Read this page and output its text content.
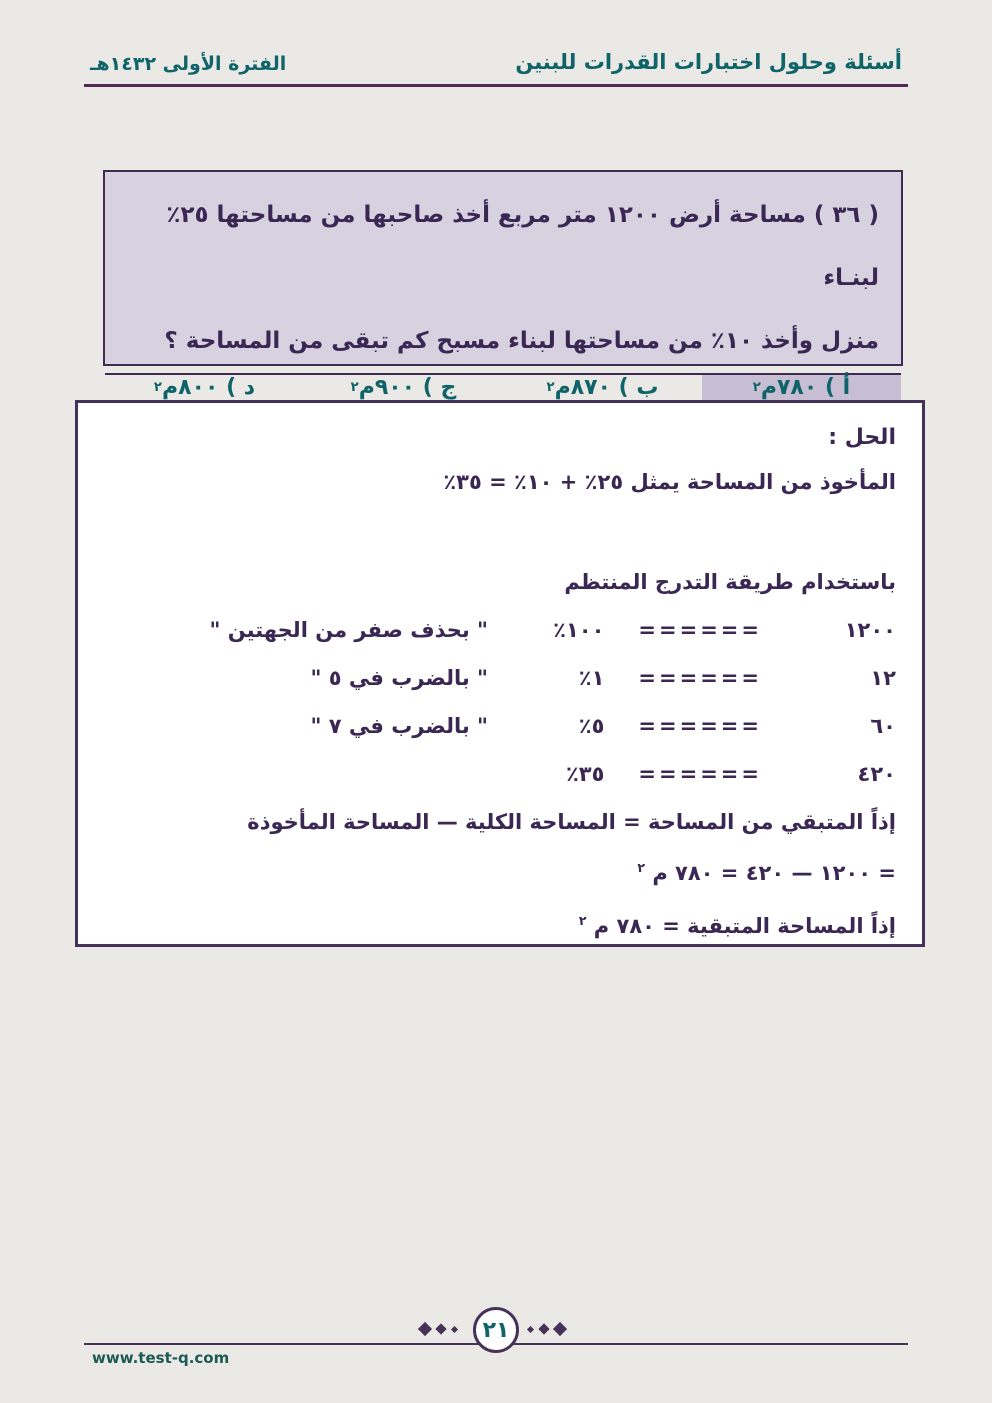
أسئلة وحلول اختبارات القدرات للبنين
الفترة الأولى ١٤٣٢هـ
( ٣٦ ) مساحة أرض ١٢٠٠ متر مربع أخذ صاحبها من مساحتها ٢٥٪ لبنـاء
منزل وأخذ ١٠٪ من مساحتها لبناء مسبح كم تبقى من المساحة ؟
أ ) ٧٨٠م
٢
ب ) ٨٧٠م
٢
ج ) ٩٠٠م
٢
د ) ٨٠٠م
٢
الحل :
المأخوذ من المساحة يمثل ٢٥٪ + ١٠٪ = ٣٥٪
باستخدام طريقة التدرج المنتظم
١٢٠٠
======
١٠٠٪
" بحذف صفر من الجهتين "
١٢
======
١٪
" بالضرب في ٥ "
٦٠
======
٥٪
" بالضرب في ٧ "
٤٢٠
======
٣٥٪
إذاً المتبقي من المساحة = المساحة الكلية — المساحة المأخوذة
= ١٢٠٠ — ٤٢٠ = ٧٨٠ م $^٢$
إذاً المساحة المتبقية = ٧٨٠ م $^٢$
٢١
www.test-q.com
